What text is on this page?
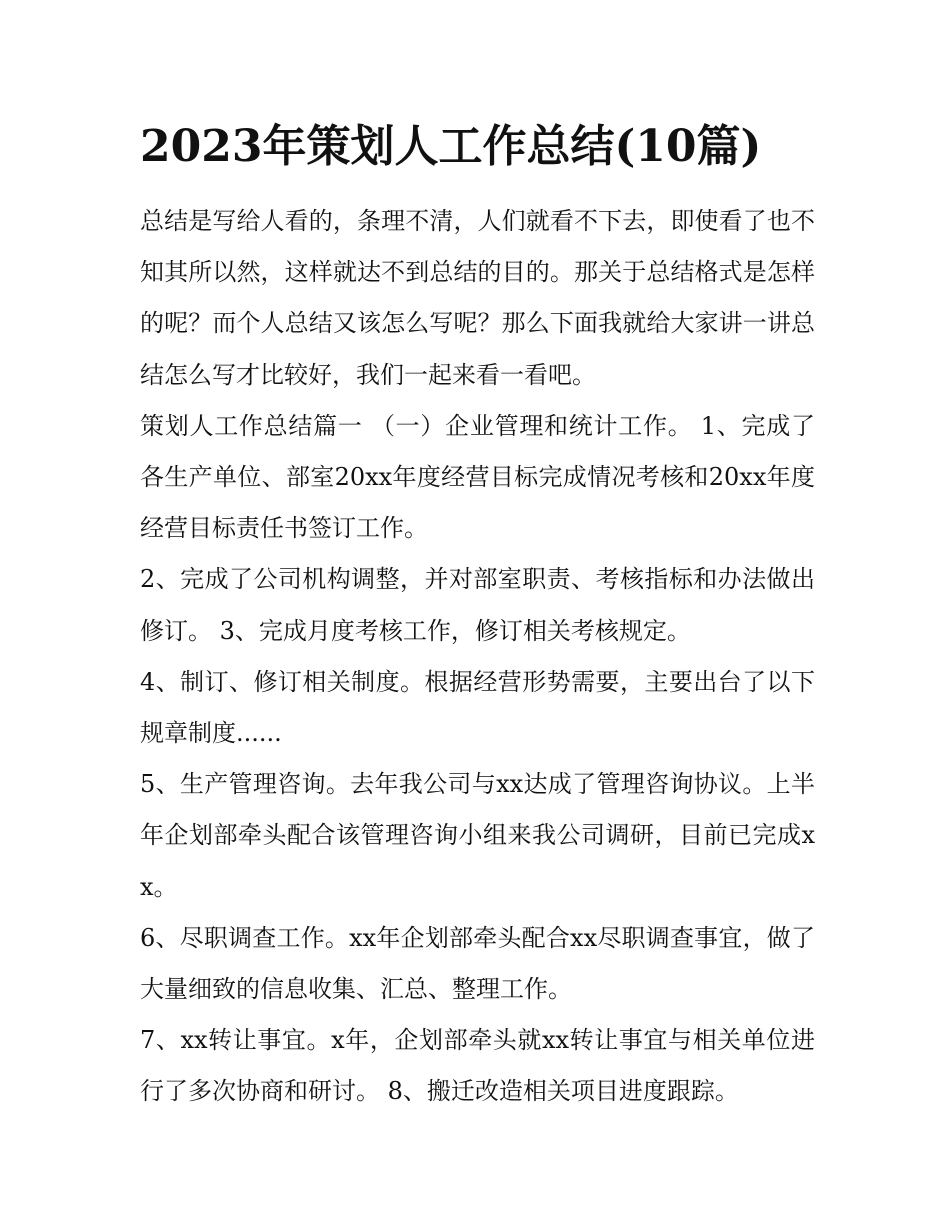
2023年策划人工作总结(10篇)

总结是写给人看的，条理不清，人们就看不下去，即使看了也不知其所以然，这样就达不到总结的目的。那关于总结格式是怎样的呢？而个人总结又该怎么写呢？那么下面我就给大家讲一讲总结怎么写才比较好，我们一起来看一看吧。

策划人工作总结篇一 （一）企业管理和统计工作。 1、完成了各生产单位、部室20xx年度经营目标完成情况考核和20xx年度经营目标责任书签订工作。

2、完成了公司机构调整，并对部室职责、考核指标和办法做出修订。 3、完成月度考核工作，修订相关考核规定。

4、制订、修订相关制度。根据经营形势需要，主要出台了以下规章制度......

5、生产管理咨询。去年我公司与xx达成了管理咨询协议。上半年企划部牵头配合该管理咨询小组来我公司调研，目前已完成xx。

6、尽职调查工作。xx年企划部牵头配合xx尽职调查事宜，做了大量细致的信息收集、汇总、整理工作。

7、xx转让事宜。x年，企划部牵头就xx转让事宜与相关单位进行了多次协商和研讨。 8、搬迁改造相关项目进度跟踪。
